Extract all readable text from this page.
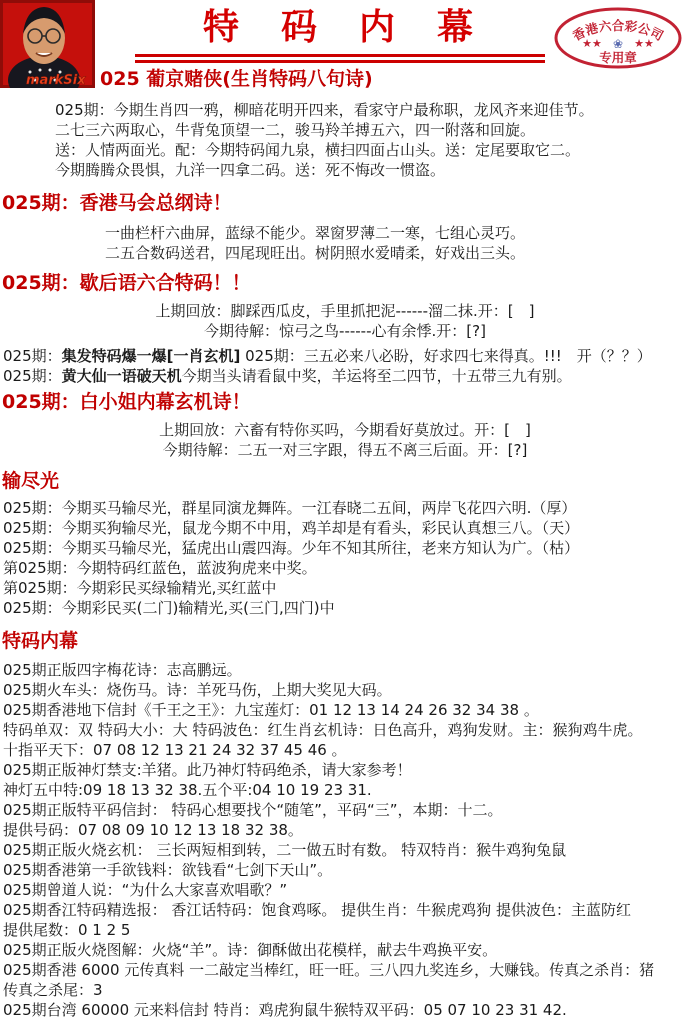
markSix
特码内幕	香港六合彩公司
★★ ❀ ★★
专用章
025 葡京赌侠(生肖特码八句诗)
025期：今期生肖四一鸦，柳暗花明开四来，看家守户最称职，龙风齐来迎佳节。
二七三六两取心，牛背兔顶望一二，骏马羚羊搏五六，四一附落和回旋。
送：人情两面光。配：今期特码闻九泉，横扫四面占山头。送：定尾要取它二。
今期腾腾众畏惧，九洋一四拿二码。送：死不悔改一惯盗。
025期：香港马会总纲诗！
一曲栏杆六曲屏，蓝绿不能少。翠窗罗薄二一寒，七组心灵巧。
二五合数码送君，四尾现旺出。树阴照水爱晴柔，好戏出三头。
025期：歇后语六合特码！！
上期回放：脚踩西瓜皮，手里抓把泥------溜二抹.开：[　]
今期待解：惊弓之鸟------心有余悸.开：[?]
025期：集发特码爆一爆[一肖玄机] 025期：三五必来八必盼，好求四七来得真。!!!　开（？？）
025期：黄大仙一语破天机今期当头请看鼠中奖，羊运将至二四节，十五带三九有别。
025期：白小姐内幕玄机诗！
上期回放：六畜有特你买吗，今期看好莫放过。开：[　]
今期待解：二五一对三字跟，得五不离三后面。开：[?]
输尽光
025期：今期买马输尽光，群星同演龙舞阵。一江春晓二五间，两岸飞花四六明.（厚）
025期：今期买狗输尽光，鼠龙今期不中用，鸡羊却是有看头，彩民认真想三八。（天）
025期：今期买马输尽光，猛虎出山震四海。少年不知其所往，老来方知认为广。（枯）
第025期：今期特码红蓝色，蓝波狗虎来中奖。
第025期：今期彩民买绿输精光,买红蓝中
025期：今期彩民买(二门)输精光,买(三门,四门)中
特码内幕
025期正版四字梅花诗：志高鹏远。
025期火车头：烧伤马。诗：羊死马伤，上期大奖见大码。
025期香港地下信封《千王之王》：九宝莲灯：01 12 13 14 24 26 32 34 38 。
特码单双：双 特码大小：大 特码波色：红生肖玄机诗：日色高升，鸡狗发财。主：猴狗鸡牛虎。
十指平天下：07 08 12 13 21 24 32 37 45 46 。
025期正版神灯禁支:羊猪。此乃神灯特码绝杀，请大家参考！
神灯五中特:09 18 13 32 38.五个平:04 10 19 23 31.
025期正版特平码信封： 特码心想要找个“随笔”，平码“三”，本期：十二。
提供号码：07 08 09 10 12 13 18 32 38。
025期正版火烧玄机： 三长两短相到转，二一做五时有数。 特双特肖：猴牛鸡狗兔鼠
025期香港第一手欲钱料：欲钱看“七剑下天山”。
025期曾道人说：“为什么大家喜欢唱歌？”
025期香江特码精选报： 香江话特码：饱食鸡啄。 提供生肖：牛猴虎鸡狗 提供波色：主蓝防红
提供尾数：0 1 2 5
025期正版火烧图解：火烧“羊”。诗：御酥做出花模样，献去牛鸡换平安。
025期香港 6000 元传真料 一二敲定当棒红，旺一旺。三八四九奖连乡，大赚钱。传真之杀肖：猪
传真之杀尾：3
025期台湾 60000 元来料信封 特肖：鸡虎狗鼠牛猴特双平码：05 07 10 23 31 42.
